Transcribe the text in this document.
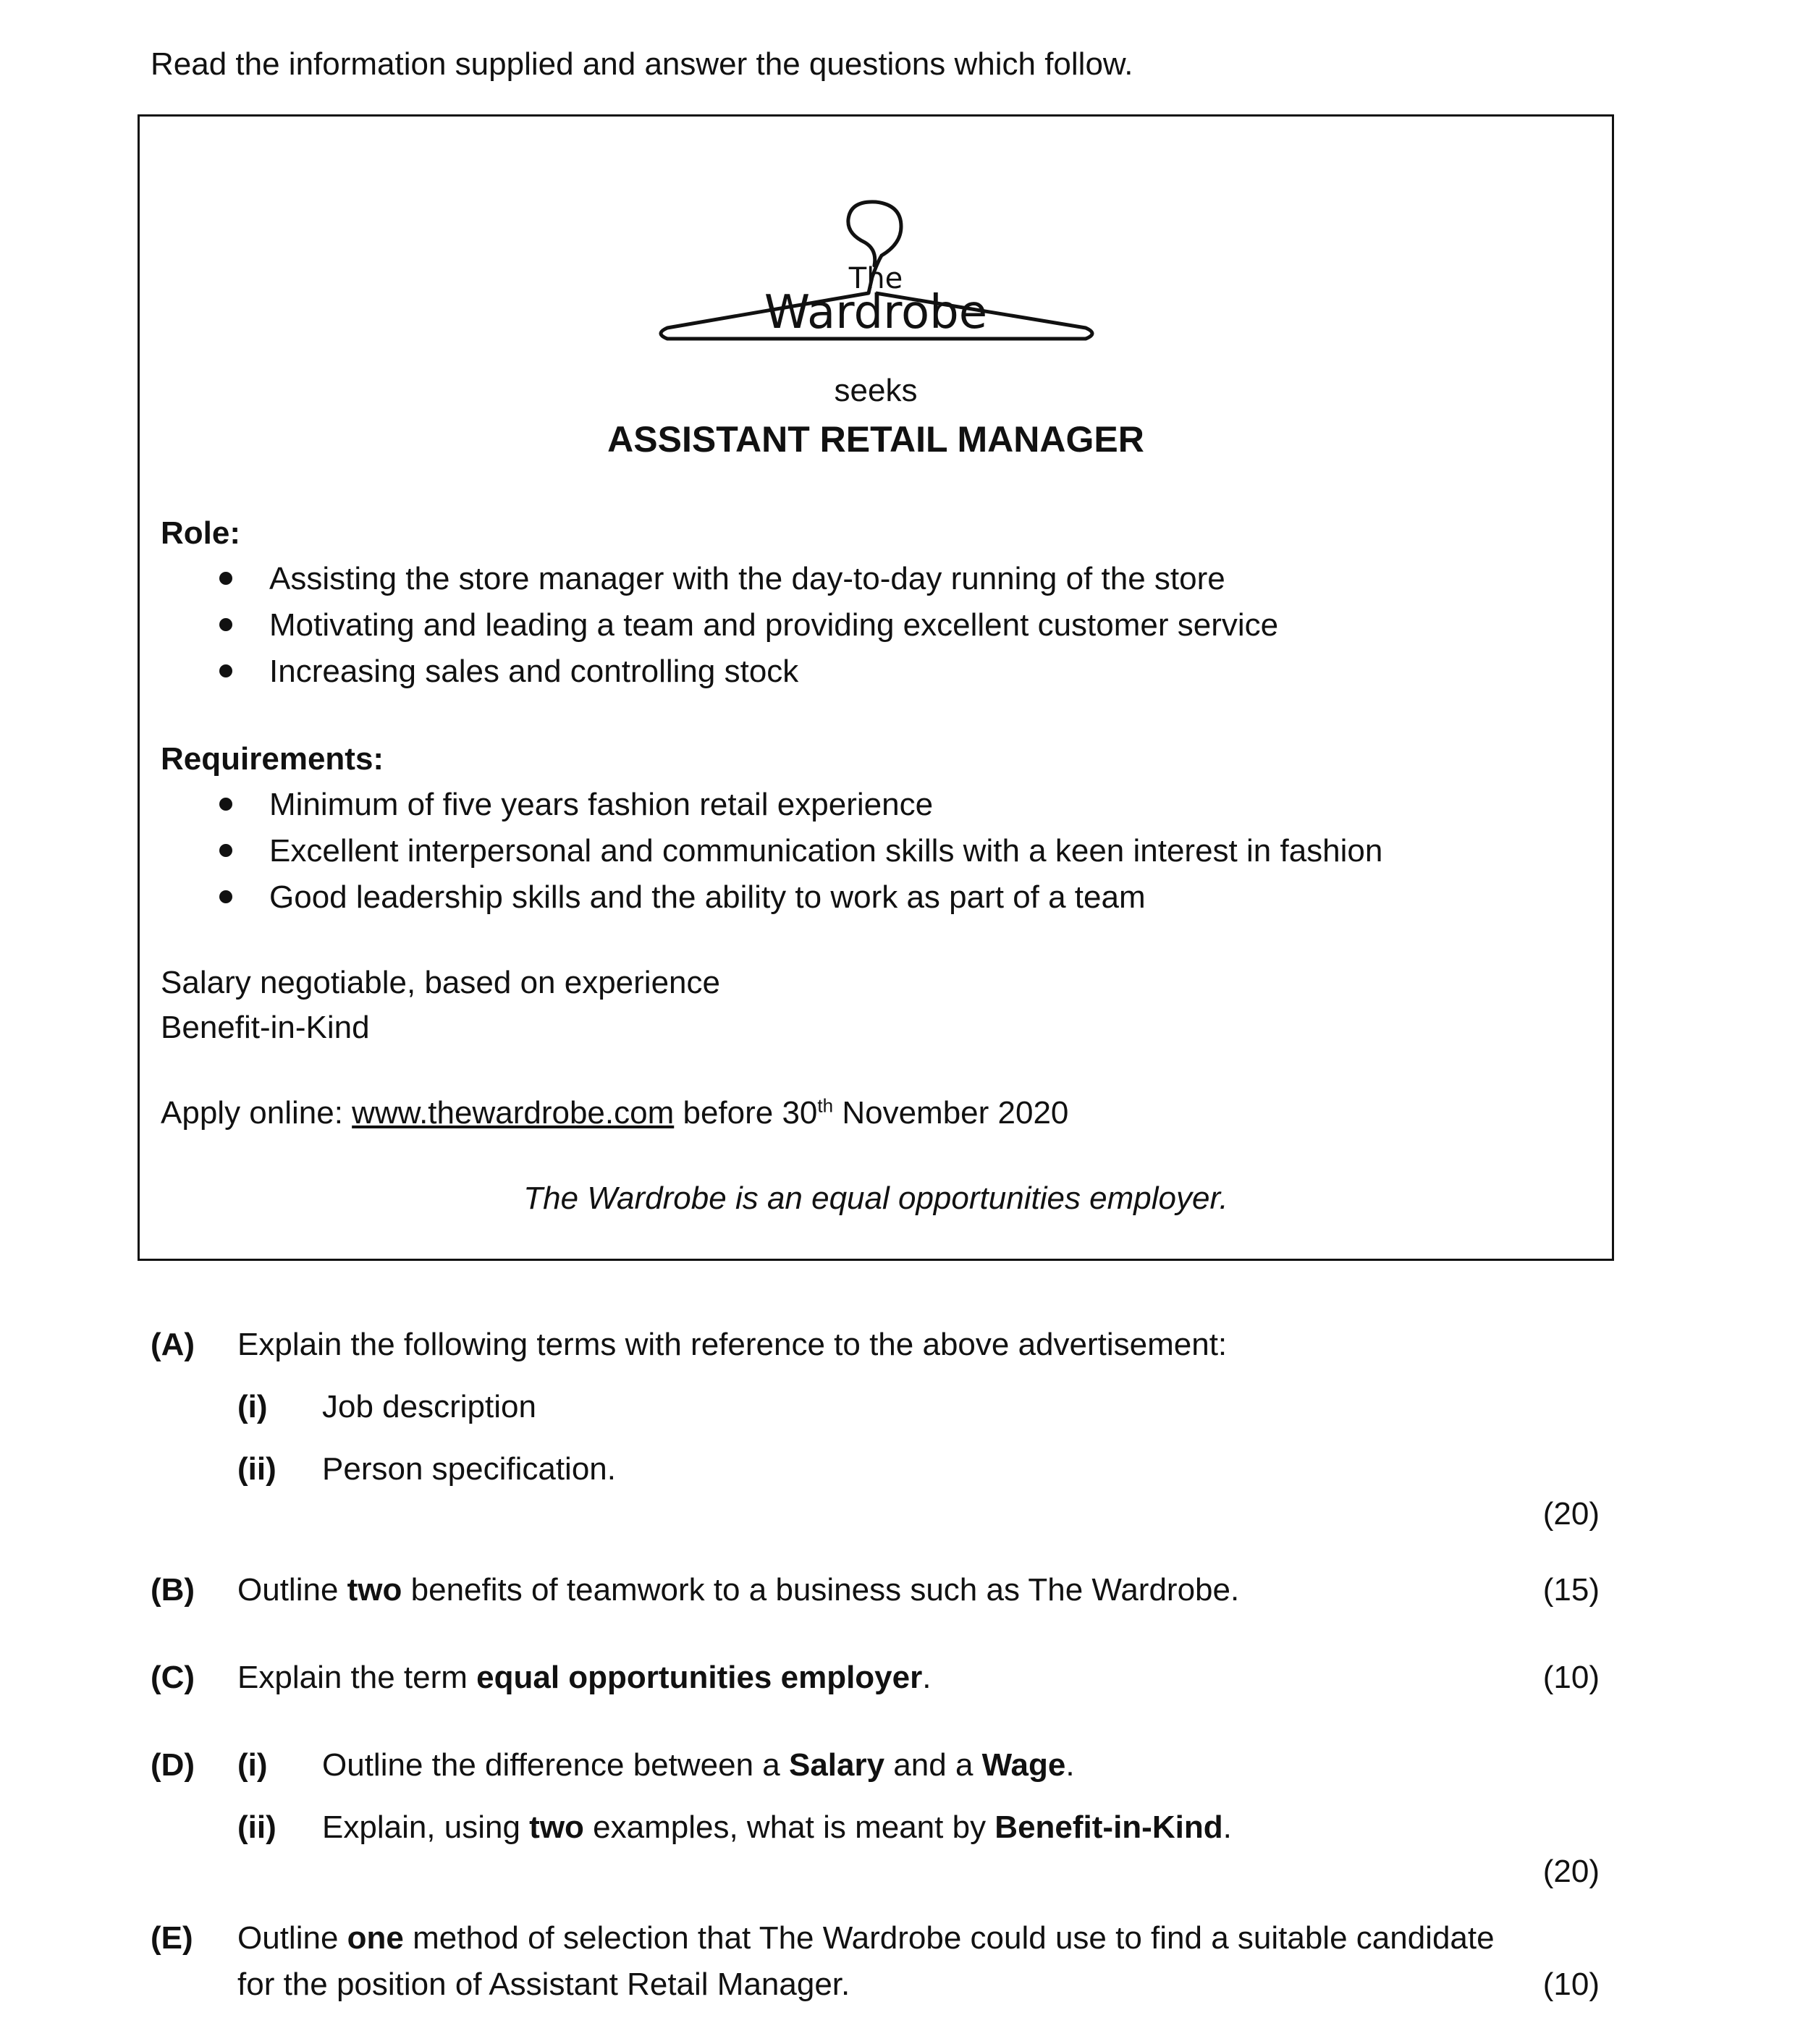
Read the information supplied and answer the questions which follow.
The
Wardrobe
seeks
ASSISTANT RETAIL MANAGER
Role:
Assisting the store manager with the day-to-day running of the store
Motivating and leading a team and providing excellent customer service
Increasing sales and controlling stock
Requirements:
Minimum of five years fashion retail experience
Excellent interpersonal and communication skills with a keen interest in fashion
Good leadership skills and the ability to work as part of a team
Salary negotiable, based on experience
Benefit-in-Kind
Apply online: www.thewardrobe.com before 30th November 2020
The Wardrobe is an equal opportunities employer.
(A) Explain the following terms with reference to the above advertisement:
(i) Job description
(ii) Person specification.
(20)
(B) Outline two benefits of teamwork to a business such as The Wardrobe.	(15)
(C) Explain the term equal opportunities employer.	(10)
(D) (i) Outline the difference between a Salary and a Wage.
(ii) Explain, using two examples, what is meant by Benefit-in-Kind.
(20)
(E) Outline one method of selection that The Wardrobe could use to find a suitable candidate
for the position of Assistant Retail Manager.	(10)
